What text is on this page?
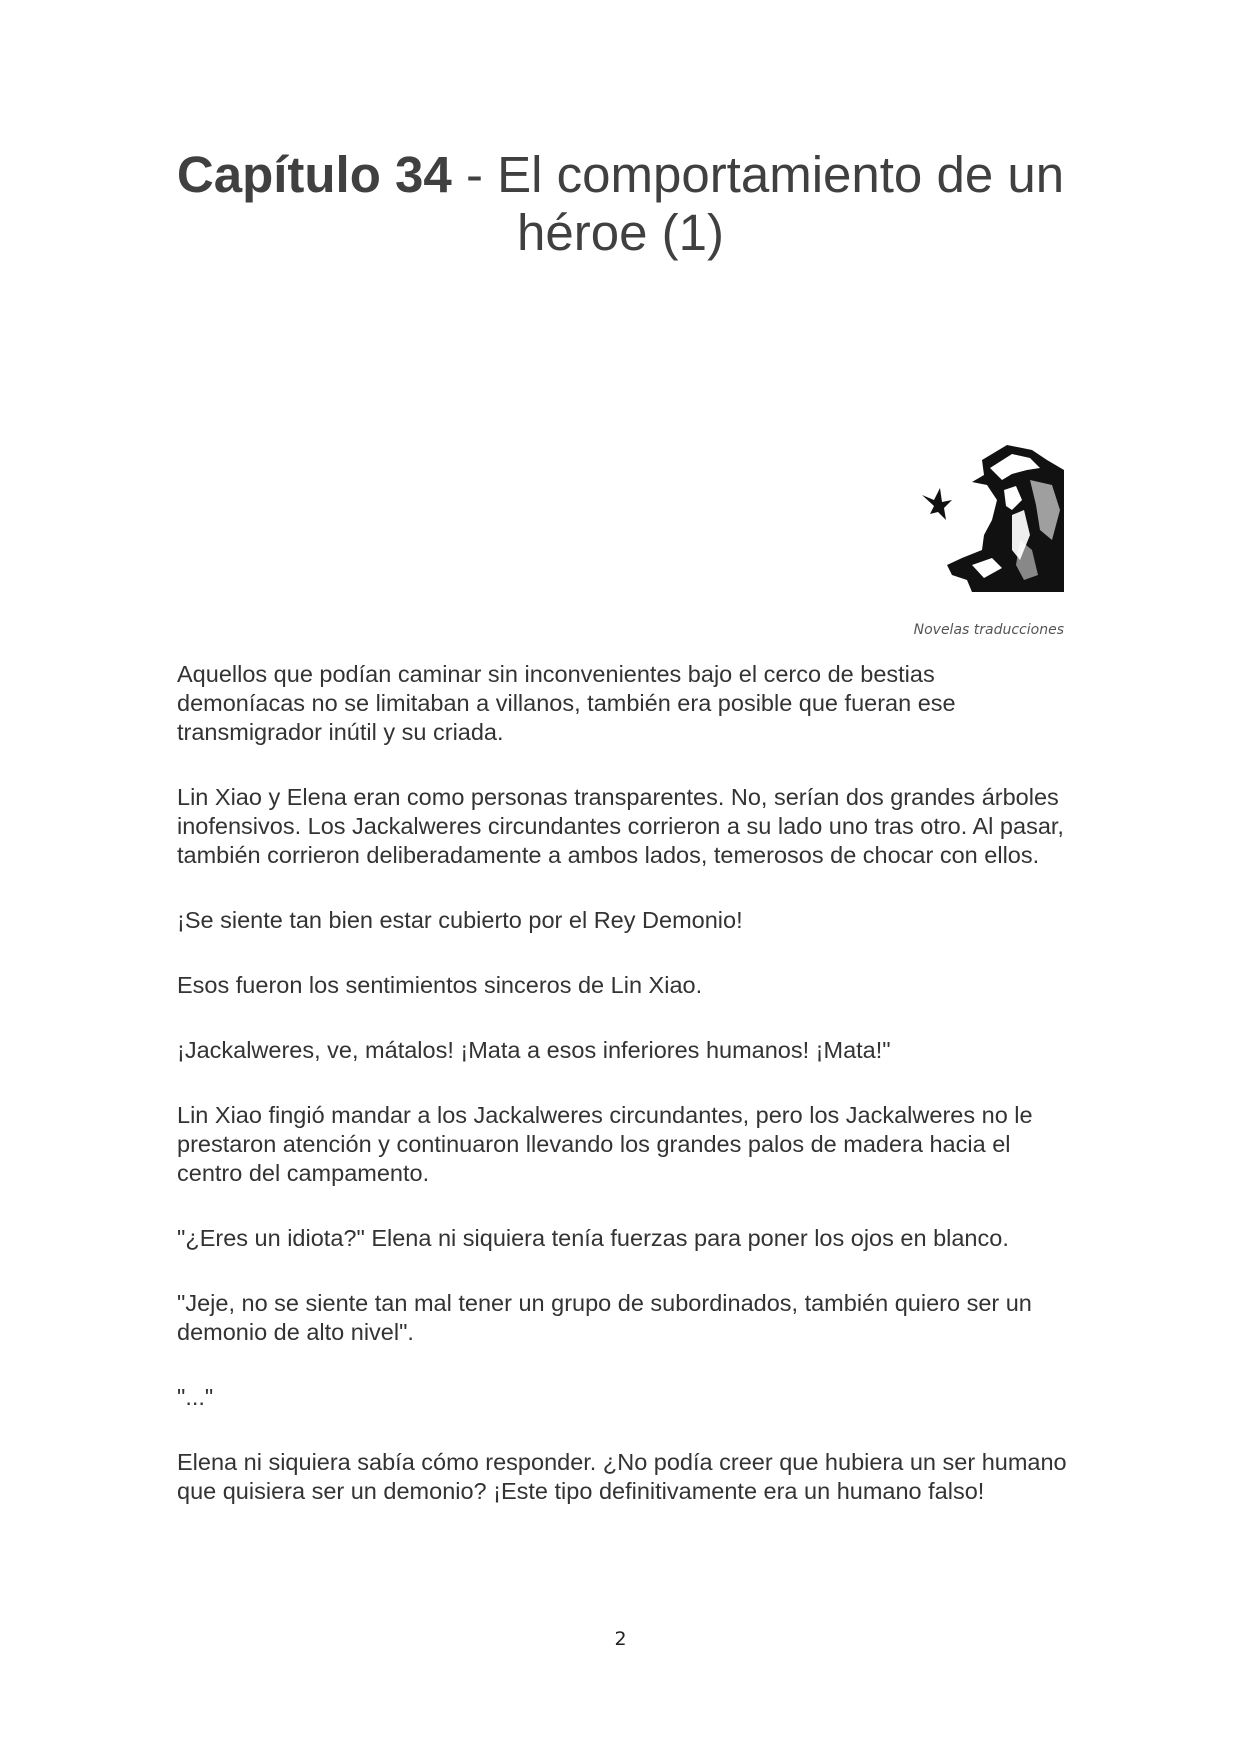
Capítulo 34 - El comportamiento de un héroe (1)
Novelas traducciones

Aquellos que podían caminar sin inconvenientes bajo el cerco de bestias demoníacas no se limitaban a villanos, también era posible que fueran ese transmigrador inútil y su criada.

Lin Xiao y Elena eran como personas transparentes. No, serían dos grandes árboles inofensivos. Los Jackalweres circundantes corrieron a su lado uno tras otro. Al pasar, también corrieron deliberadamente a ambos lados, temerosos de chocar con ellos.

¡Se siente tan bien estar cubierto por el Rey Demonio!

Esos fueron los sentimientos sinceros de Lin Xiao.

¡Jackalweres, ve, mátalos! ¡Mata a esos inferiores humanos! ¡Mata!"

Lin Xiao fingió mandar a los Jackalweres circundantes, pero los Jackalweres no le prestaron atención y continuaron llevando los grandes palos de madera hacia el centro del campamento.

"¿Eres un idiota?" Elena ni siquiera tenía fuerzas para poner los ojos en blanco.

"Jeje, no se siente tan mal tener un grupo de subordinados, también quiero ser un demonio de alto nivel".

"..."

Elena ni siquiera sabía cómo responder. ¿No podía creer que hubiera un ser humano que quisiera ser un demonio? ¡Este tipo definitivamente era un humano falso!

2
